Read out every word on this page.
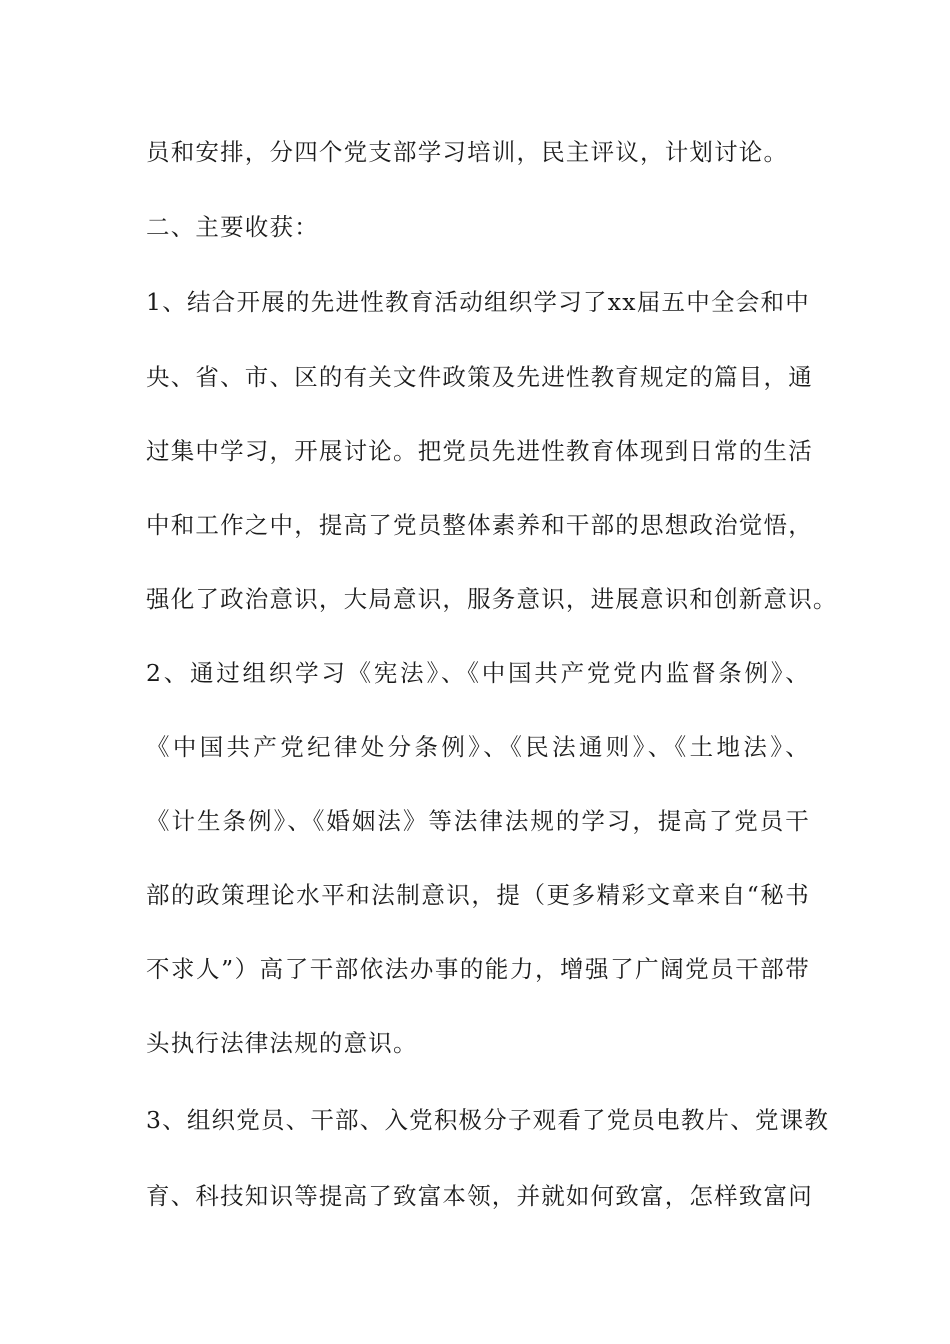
员和安排，分四个党支部学习培训，民主评议，计划讨论。
二、主要收获：
1、结合开展的先进性教育活动组织学习了xx届五中全会和中
央、省、市、区的有关文件政策及先进性教育规定的篇目，通
过集中学习，开展讨论。把党员先进性教育体现到日常的生活
中和工作之中，提高了党员整体素养和干部的思想政治觉悟，
强化了政治意识，大局意识，服务意识，进展意识和创新意识。
2、通过组织学习《宪法》、《中国共产党党内监督条例》、
《中国共产党纪律处分条例》、《民法通则》、《土地法》、
《计生条例》、《婚姻法》等法律法规的学习，提高了党员干
部的政策理论水平和法制意识，提（更多精彩文章来自“秘书
不求人”）高了干部依法办事的能力，增强了广阔党员干部带
头执行法律法规的意识。
3、组织党员、干部、入党积极分子观看了党员电教片、党课教
育、科技知识等提高了致富本领，并就如何致富，怎样致富问
